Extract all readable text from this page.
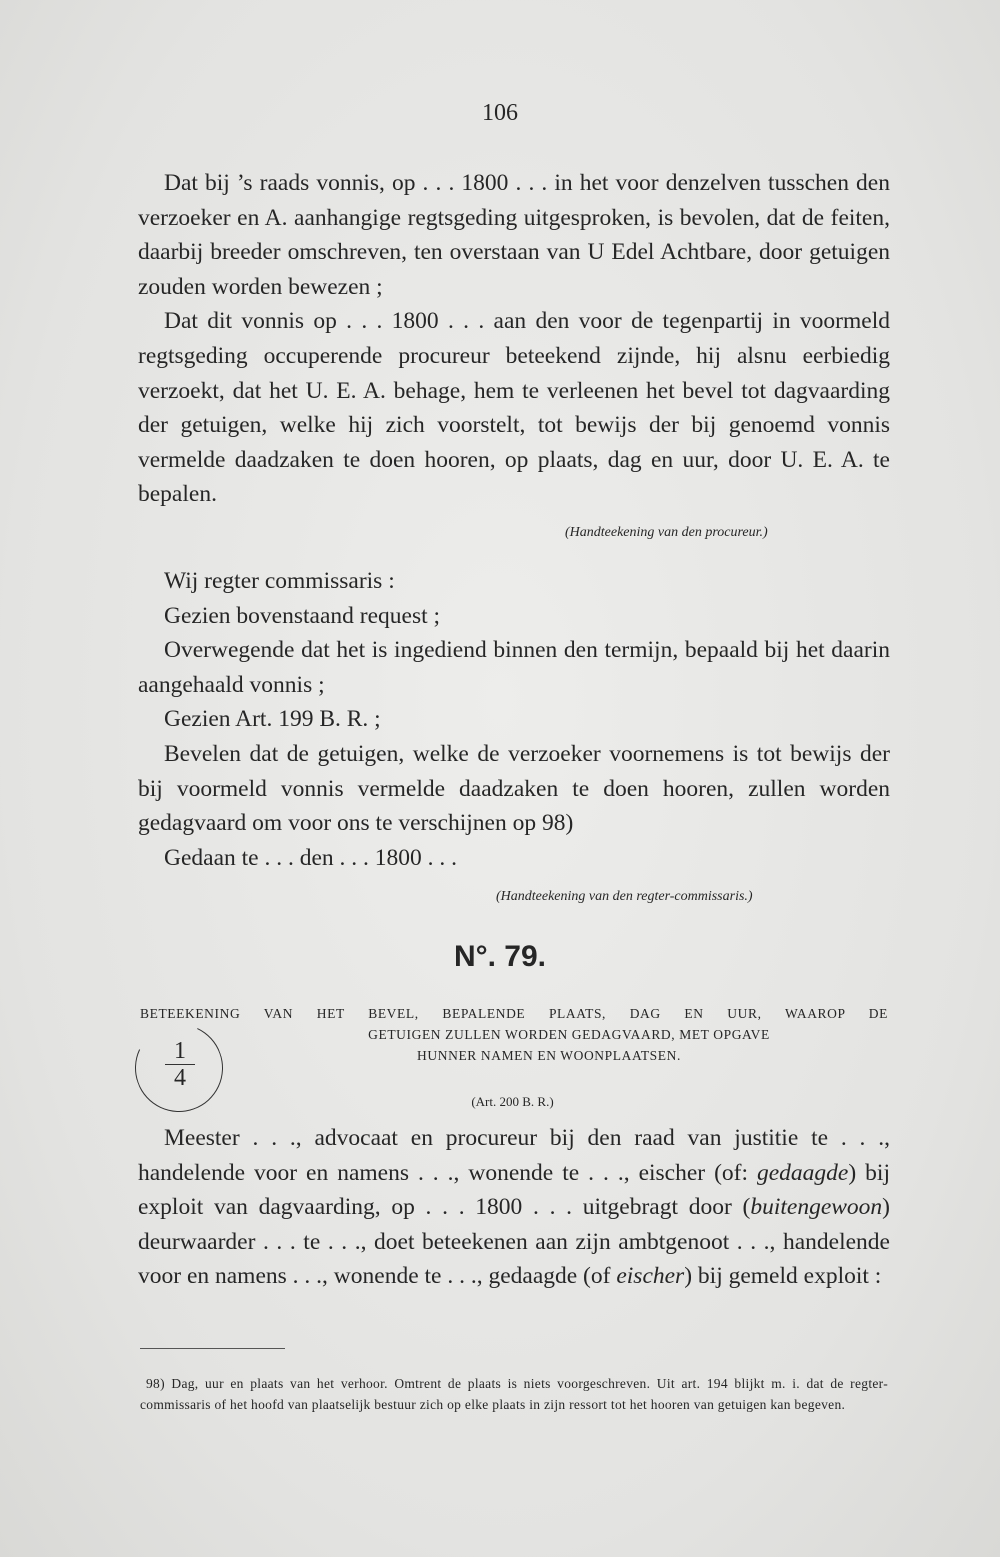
106

Dat bij ’s raads vonnis, op . . . 1800 . . . in het voor denzelven tusschen den verzoeker en A. aanhangige regtsgeding uitgesproken, is bevolen, dat de feiten, daarbij breeder omschreven, ten overstaan van U Edel Achtbare, door getuigen zouden worden bewezen ;

Dat dit vonnis op . . . 1800 . . . aan den voor de tegenpartij in voormeld regtsgeding occuperende procureur beteekend zijnde, hij alsnu eerbiedig verzoekt, dat het U. E. A. behage, hem te verleenen het bevel tot dagvaarding der getuigen, welke hij zich voorstelt, tot bewijs der bij genoemd vonnis vermelde daadzaken te doen hooren, op plaats, dag en uur, door U. E. A. te bepalen.

(Handteekening van den procureur.)

Wij regter commissaris :

Gezien bovenstaand request ;

Overwegende dat het is ingediend binnen den termijn, bepaald bij het daarin aangehaald vonnis ;

Gezien Art. 199 B. R. ;

Bevelen dat de getuigen, welke de verzoeker voornemens is tot bewijs der bij voormeld vonnis vermelde daadzaken te doen hooren, zullen worden gedagvaard om voor ons te verschijnen op 98)

Gedaan te . . . den . . . 1800 . . .

(Handteekening van den regter-commissaris.)
N°. 79.
BETEEKENING VAN HET BEVEL, BEPALENDE PLAATS, DAG EN UUR, WAAROP DE
GETUIGEN ZULLEN WORDEN GEDAGVAARD, MET OPGAVE
HUNNER NAMEN EN WOONPLAATSEN.
$\frac{1}{4}$
(Art. 200 B. R.)

Meester . . ., advocaat en procureur bij den raad van justitie te . . ., handelende voor en namens . . ., wonende te . . ., eischer (of: gedaagde) bij exploit van dagvaarding, op . . . 1800 . . . uitgebragt door (buitengewoon) deurwaarder . . . te . . ., doet beteekenen aan zijn ambtgenoot . . ., handelende voor en namens . . ., wonende te . . ., gedaagde (of eischer) bij gemeld exploit :

98) Dag, uur en plaats van het verhoor. Omtrent de plaats is niets voorgeschreven. Uit art. 194 blijkt m. i. dat de regter-commissaris of het hoofd van plaatselijk bestuur zich op elke plaats in zijn ressort tot het hooren van getuigen kan begeven.
